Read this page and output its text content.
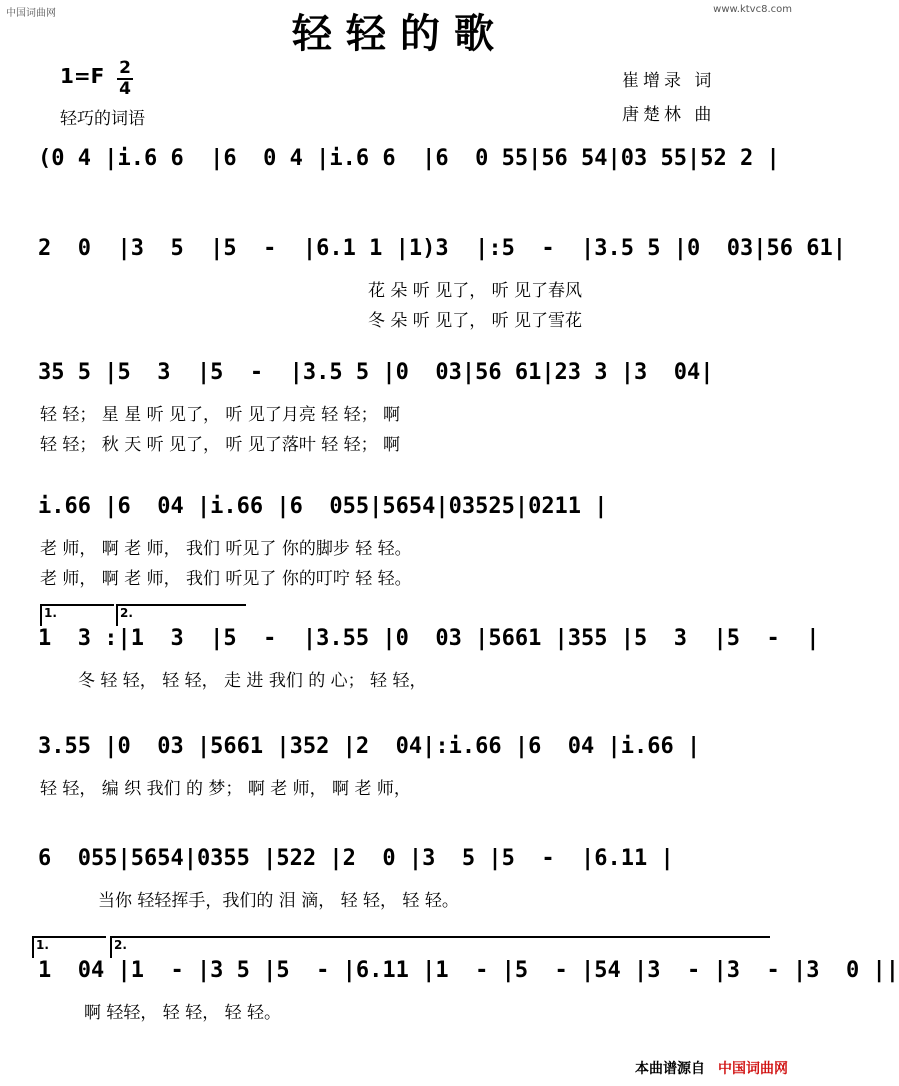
中国词曲网	www.ktvc8.com
轻轻的歌
1=F 2
4
轻巧的词语
崔增录 词
唐楚林 曲
(0 4 |i.6 6  |6  0 4 |i.6 6  |6  0 55|56 54|03 55|52 2 |
2  0  |3  5  |5  -  |6.1 1 |1)3  |:5  -  |3.5 5 |0  03|56 61|
花 朵 听 见了， 听 见了春风
冬 朵 听 见了， 听 见了雪花
35 5 |5  3  |5  -  |3.5 5 |0  03|56 61|23 3 |3  04|
轻 轻； 星 星 听 见了， 听 见了月亮 轻 轻； 啊
轻 轻； 秋 天 听 见了， 听 见了落叶 轻 轻； 啊
i.66 |6  04 |i.66 |6  055|5654|03525|0211 |
老 师， 啊 老 师， 我们 听见了 你的脚步 轻 轻。
老 师， 啊 老 师， 我们 听见了 你的叮咛 轻 轻。
1.	2.
1  3 :|1  3  |5  -  |3.55 |0  03 |5661 |355 |5  3  |5  -  |
冬 轻 轻， 轻 轻， 走 进 我们 的 心； 轻 轻，
3.55 |0  03 |5661 |352 |2  04|:i.66 |6  04 |i.66 |
轻 轻， 编 织 我们 的 梦； 啊 老 师， 啊 老 师，
6  055|5654|0355 |522 |2  0 |3  5 |5  -  |6.11 |
当你 轻轻挥手，我们的 泪 滴， 轻 轻， 轻 轻。
1.	2.
1  04 |1  - |3 5 |5  - |6.11 |1  - |5  - |54 |3  - |3  - |3  0 ||
啊 轻轻， 轻 轻， 轻 轻。
本曲谱源自 中国词曲网
